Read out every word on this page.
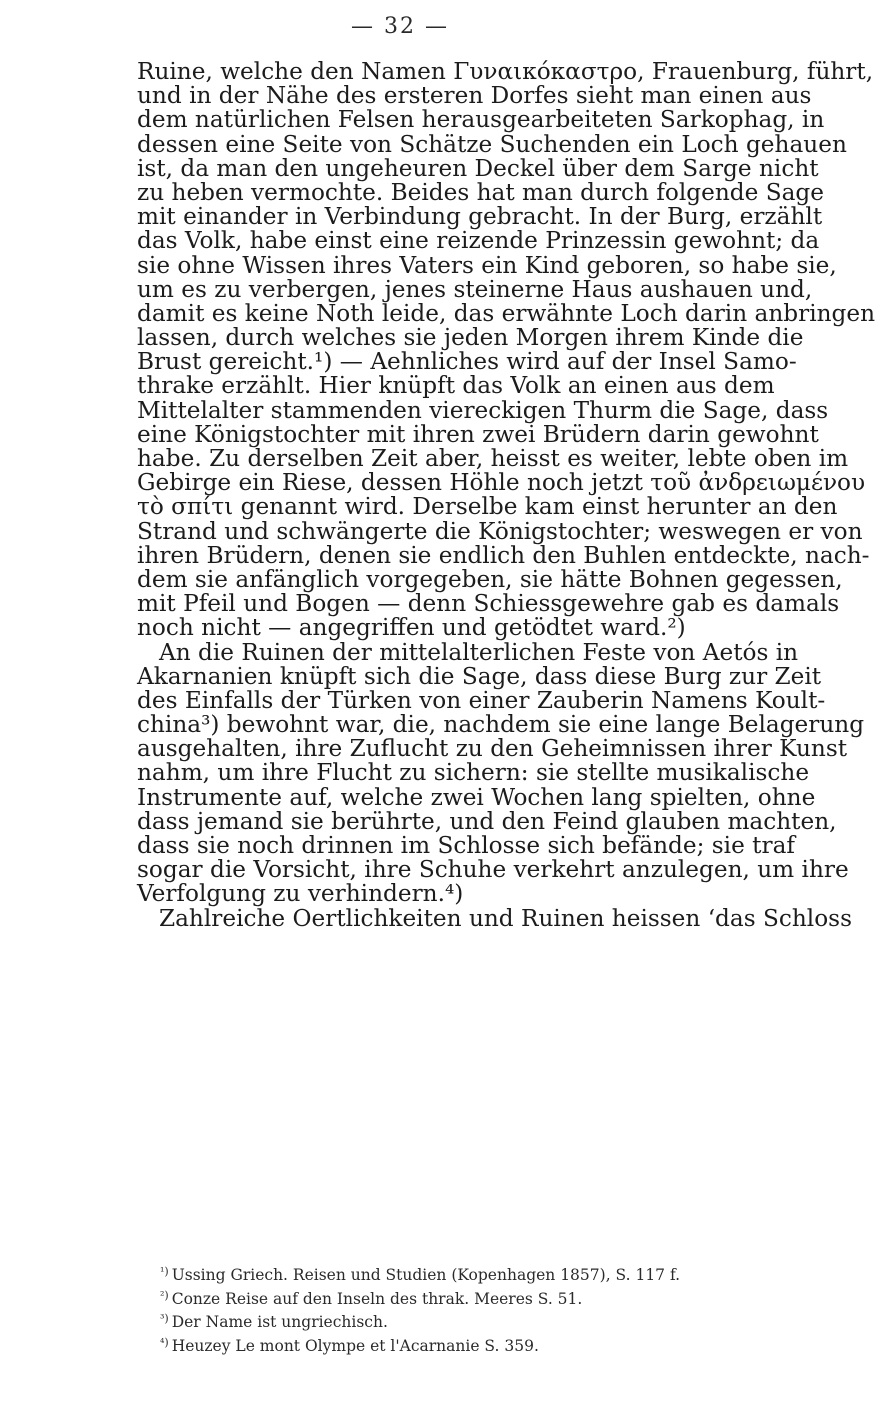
— 32 —
Ruine, welche den Namen Γυναικόκαστρο, Frauenburg, führt,
und in der Nähe des ersteren Dorfes sieht man einen aus
dem natürlichen Felsen herausgearbeiteten Sarkophag, in
dessen eine Seite von Schätze Suchenden ein Loch gehauen
ist, da man den ungeheuren Deckel über dem Sarge nicht
zu heben vermochte. Beides hat man durch folgende Sage
mit einander in Verbindung gebracht. In der Burg, erzählt
das Volk, habe einst eine reizende Prinzessin gewohnt; da
sie ohne Wissen ihres Vaters ein Kind geboren, so habe sie,
um es zu verbergen, jenes steinerne Haus aushauen und,
damit es keine Noth leide, das erwähnte Loch darin anbringen
lassen, durch welches sie jeden Morgen ihrem Kinde die
Brust gereicht.¹) — Aehnliches wird auf der Insel Samo-
thrake erzählt. Hier knüpft das Volk an einen aus dem
Mittelalter stammenden viereckigen Thurm die Sage, dass
eine Königstochter mit ihren zwei Brüdern darin gewohnt
habe. Zu derselben Zeit aber, heisst es weiter, lebte oben im
Gebirge ein Riese, dessen Höhle noch jetzt τοῦ ἀνδρειωμένου
τὸ σπίτι genannt wird. Derselbe kam einst herunter an den
Strand und schwängerte die Königstochter; weswegen er von
ihren Brüdern, denen sie endlich den Buhlen entdeckte, nach-
dem sie anfänglich vorgegeben, sie hätte Bohnen gegessen,
mit Pfeil und Bogen — denn Schiessgewehre gab es damals
noch nicht — angegriffen und getödtet ward.²)
An die Ruinen der mittelalterlichen Feste von Aetós in
Akarnanien knüpft sich die Sage, dass diese Burg zur Zeit
des Einfalls der Türken von einer Zauberin Namens Koult-
china³) bewohnt war, die, nachdem sie eine lange Belagerung
ausgehalten, ihre Zuflucht zu den Geheimnissen ihrer Kunst
nahm, um ihre Flucht zu sichern: sie stellte musikalische
Instrumente auf, welche zwei Wochen lang spielten, ohne
dass jemand sie berührte, und den Feind glauben machten,
dass sie noch drinnen im Schlosse sich befände; sie traf
sogar die Vorsicht, ihre Schuhe verkehrt anzulegen, um ihre
Verfolgung zu verhindern.⁴)
Zahlreiche Oertlichkeiten und Ruinen heissen ‘das Schloss
$^{^1)}$ Ussing Griech. Reisen und Studien (Kopenhagen 1857), S. 117 f.
$^{^2)}$ Conze Reise auf den Inseln des thrak. Meeres S. 51.
$^{^3)}$ Der Name ist ungriechisch.
$^{^4)}$ Heuzey Le mont Olympe et l'Acarnanie S. 359.
